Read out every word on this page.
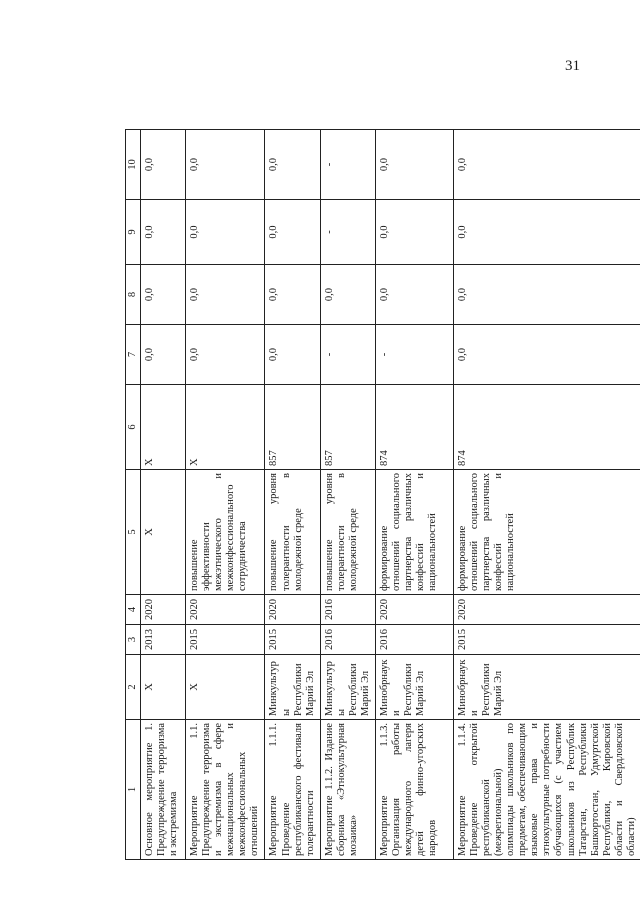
31
1	2	3	4	5	6	7	8	9	10
Основное мероприятие 1. Предупреждение терроризма и экстремизма	Х	2013	2020	Х	Х	0,0	0,0	0,0	0,0
Мероприятие 1.1. Предупреждение терроризма и экстремизма в сфере межнациональных и межконфессиональных отношений	Х	2015	2020	повышение эффективности межэтнического и межконфессионального сотрудничества	Х	0,0	0,0	0,0	0,0
Мероприятие 1.1.1. Проведение республиканского фестиваля толерантности	Минкультуры Республики Марий Эл	2015	2020	повышение уровня толерантности в молодежной среде	857	0,0	0,0	0,0	0,0
Мероприятие 1.1.2. Издание сборника «Этнокультурная мозаика»	Минкультуры Республики Марий Эл	2016	2016	повышение уровня толерантности в молодежной среде	857	-	0,0	-	-
Мероприятие 1.1.3. Организация работы международного лагеря детей финно-угорских народов	Минобрнауки Республики Марий Эл	2016	2020	формирование отношений социального партнерства различных конфессий и национальностей	874	-	0,0	0,0	0,0
Мероприятие 1.1.4. Проведение открытой республиканской (межрегиональной) олимпиады школьников по предметам, обеспечивающим языковые права и этнокультурные потребности обучающихся (с участием школьников из Республик Татарстан, Республики Башкортостан, Удмуртской Республики, Кировской области и Свердловской области)	Минобрнауки Республики Марий Эл	2015	2020	формирование отношений социального партнерства различных конфессий и национальностей	874	0,0	0,0	0,0	0,0
